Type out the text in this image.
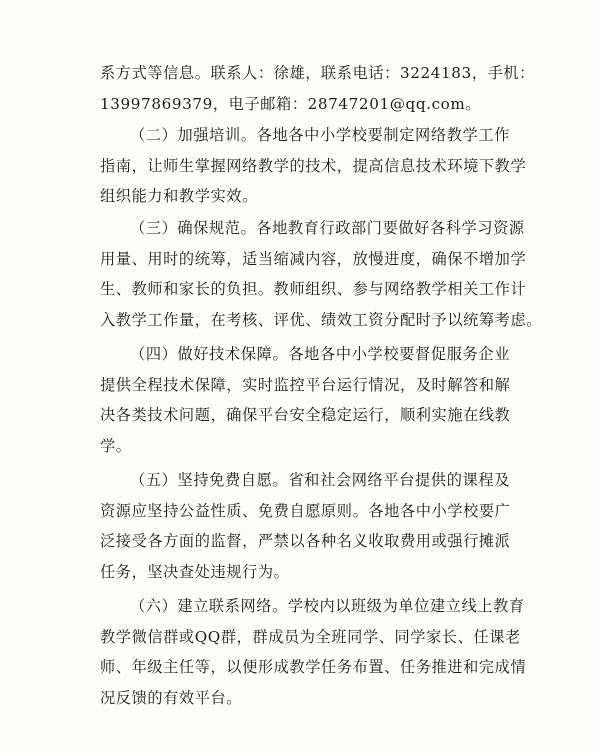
系方式等信息。联系人：徐雄，联系电话：3224183，手机：
13997869379，电子邮箱：28747201@qq.com。
（二）加强培训。各地各中小学校要制定网络教学工作
指南，让师生掌握网络教学的技术，提高信息技术环境下教学
组织能力和教学实效。
（三）确保规范。各地教育行政部门要做好各科学习资源
用量、用时的统筹，适当缩减内容，放慢进度，确保不增加学
生、教师和家长的负担。教师组织、参与网络教学相关工作计
入教学工作量，在考核、评优、绩效工资分配时予以统筹考虑。
（四）做好技术保障。各地各中小学校要督促服务企业
提供全程技术保障，实时监控平台运行情况，及时解答和解
决各类技术问题，确保平台安全稳定运行，顺利实施在线教
学。
（五）坚持免费自愿。省和社会网络平台提供的课程及
资源应坚持公益性质、免费自愿原则。各地各中小学校要广
泛接受各方面的监督，严禁以各种名义收取费用或强行摊派
任务，坚决查处违规行为。
（六）建立联系网络。学校内以班级为单位建立线上教育
教学微信群或QQ群，群成员为全班同学、同学家长、任课老
师、年级主任等，以便形成教学任务布置、任务推进和完成情
况反馈的有效平台。
